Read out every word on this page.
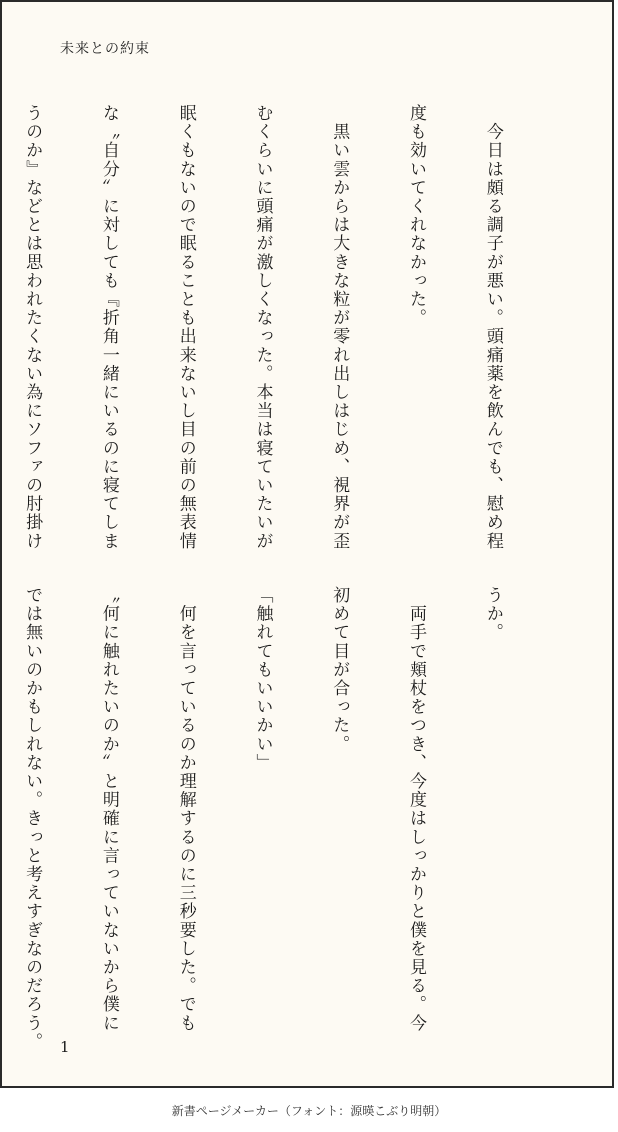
未来との約束

　今日は頗る調子が悪い。頭痛薬を飲んでも、慰め程

度も効いてくれなかった。

　黒い雲からは大きな粒が零れ出しはじめ、視界が歪

むくらいに頭痛が激しくなった。本当は寝ていたいが

眠くもないので眠ることも出来ないし目の前の無表情

な〝自分〟に対しても『折角一緒にいるのに寝てしま

うのか』などとは思われたくない為にソファの肘掛け

うか。

　両手で頬杖をつき、今度はしっかりと僕を見る。今

初めて目が合った。

「触れてもいいかい」

　何を言っているのか理解するのに三秒要した。でも

〝何に触れたいのか〟と明確に言っていないから僕に

では無いのかもしれない。きっと考えすぎなのだろう。

1
新書ページメーカー（フォント：源暎こぶり明朝）
